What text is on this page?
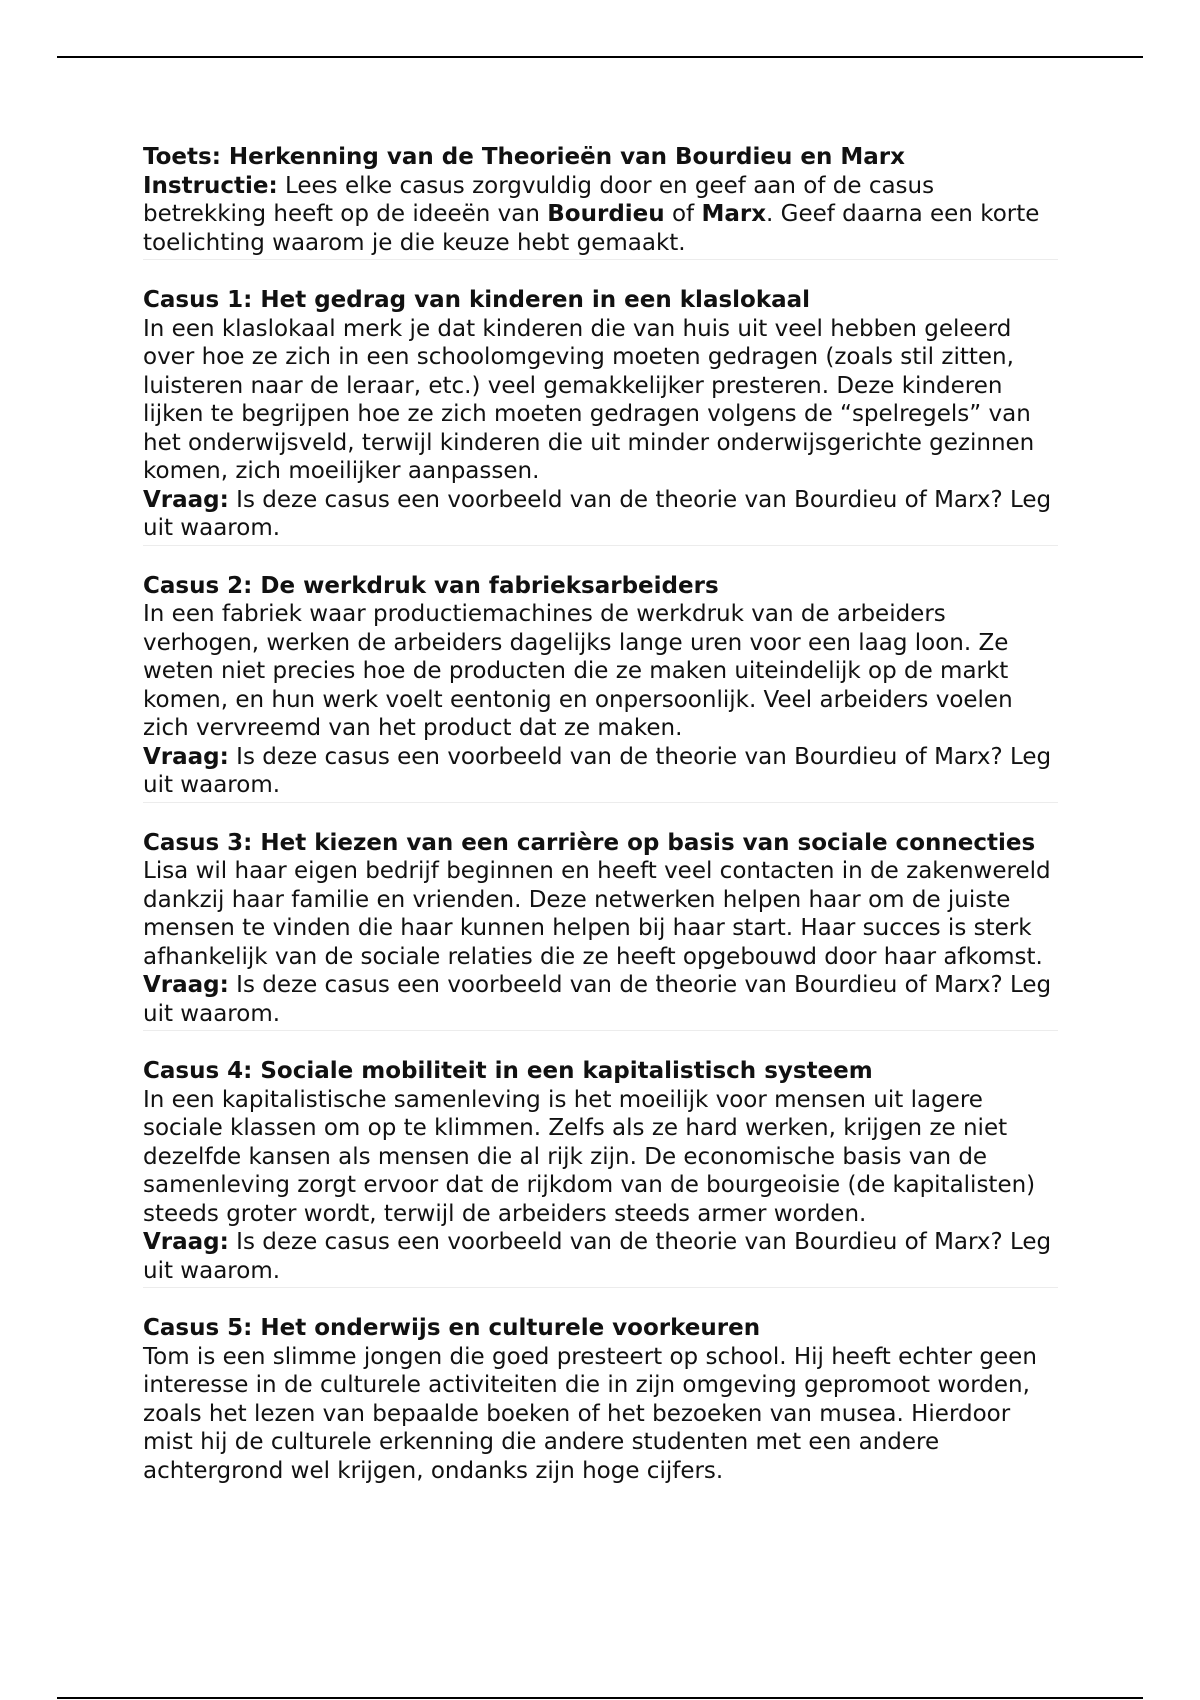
Toets: Herkenning van de Theorieën van Bourdieu en Marx

Instructie: Lees elke casus zorgvuldig door en geef aan of de casus betrekking heeft op de ideeën van Bourdieu of Marx. Geef daarna een korte toelichting waarom je die keuze hebt gemaakt.

Casus 1: Het gedrag van kinderen in een klaslokaal

In een klaslokaal merk je dat kinderen die van huis uit veel hebben geleerd over hoe ze zich in een schoolomgeving moeten gedragen (zoals stil zitten, luisteren naar de leraar, etc.) veel gemakkelijker presteren. Deze kinderen lijken te begrijpen hoe ze zich moeten gedragen volgens de “spelregels” van het onderwijsveld, terwijl kinderen die uit minder onderwijsgerichte gezinnen komen, zich moeilijker aanpassen.

Vraag: Is deze casus een voorbeeld van de theorie van Bourdieu of Marx? Leg uit waarom.

Casus 2: De werkdruk van fabrieksarbeiders

In een fabriek waar productiemachines de werkdruk van de arbeiders verhogen, werken de arbeiders dagelijks lange uren voor een laag loon. Ze weten niet precies hoe de producten die ze maken uiteindelijk op de markt komen, en hun werk voelt eentonig en onpersoonlijk. Veel arbeiders voelen zich vervreemd van het product dat ze maken.

Vraag: Is deze casus een voorbeeld van de theorie van Bourdieu of Marx? Leg uit waarom.

Casus 3: Het kiezen van een carrière op basis van sociale connecties

Lisa wil haar eigen bedrijf beginnen en heeft veel contacten in de zakenwereld dankzij haar familie en vrienden. Deze netwerken helpen haar om de juiste mensen te vinden die haar kunnen helpen bij haar start. Haar succes is sterk afhankelijk van de sociale relaties die ze heeft opgebouwd door haar afkomst.

Vraag: Is deze casus een voorbeeld van de theorie van Bourdieu of Marx? Leg uit waarom.

Casus 4: Sociale mobiliteit in een kapitalistisch systeem

In een kapitalistische samenleving is het moeilijk voor mensen uit lagere sociale klassen om op te klimmen. Zelfs als ze hard werken, krijgen ze niet dezelfde kansen als mensen die al rijk zijn. De economische basis van de samenleving zorgt ervoor dat de rijkdom van de bourgeoisie (de kapitalisten) steeds groter wordt, terwijl de arbeiders steeds armer worden.

Vraag: Is deze casus een voorbeeld van de theorie van Bourdieu of Marx? Leg uit waarom.

Casus 5: Het onderwijs en culturele voorkeuren

Tom is een slimme jongen die goed presteert op school. Hij heeft echter geen interesse in de culturele activiteiten die in zijn omgeving gepromoot worden, zoals het lezen van bepaalde boeken of het bezoeken van musea. Hierdoor mist hij de culturele erkenning die andere studenten met een andere achtergrond wel krijgen, ondanks zijn hoge cijfers.
